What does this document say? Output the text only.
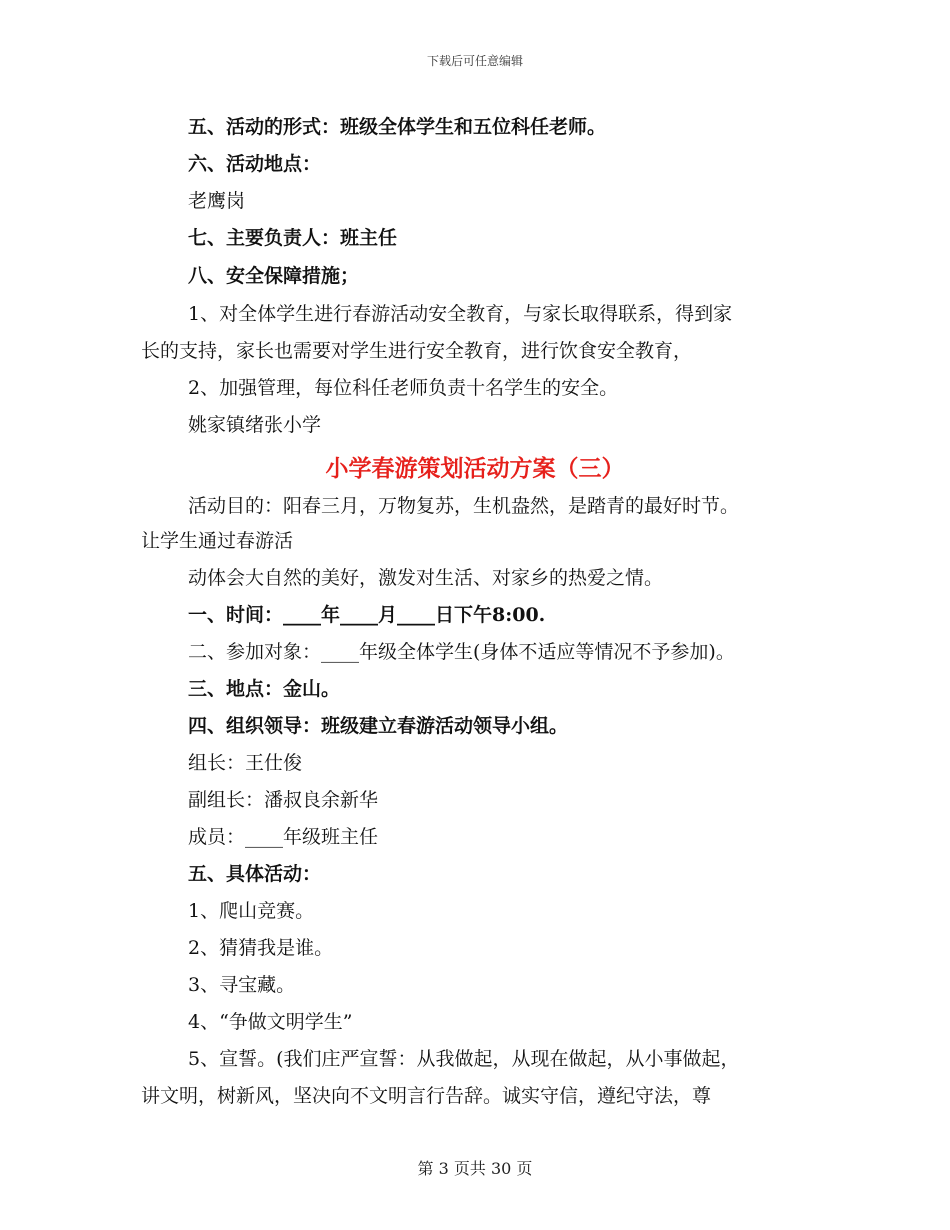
下载后可任意编辑
五、活动的形式：班级全体学生和五位科任老师。
六、活动地点：
老鹰岗
七、主要负责人：班主任
八、安全保障措施；
1、对全体学生进行春游活动安全教育，与家长取得联系，得到家
长的支持，家长也需要对学生进行安全教育，进行饮食安全教育，
2、加强管理，每位科任老师负责十名学生的安全。
姚家镇绪张小学
小学春游策划活动方案（三）
活动目的：阳春三月，万物复苏，生机盎然，是踏青的最好时节。
让学生通过春游活
动体会大自然的美好，激发对生活、对家乡的热爱之情。
一、时间：____年____月____日下午8:00.
二、参加对象：____年级全体学生(身体不适应等情况不予参加)。
三、地点：金山。
四、组织领导：班级建立春游活动领导小组。
组长：王仕俊
副组长：潘叔良余新华
成员：____年级班主任
五、具体活动：
1、爬山竞赛。
2、猜猜我是谁。
3、寻宝藏。
4、“争做文明学生”
5、宣誓。(我们庄严宣誓：从我做起，从现在做起，从小事做起，
讲文明，树新风，坚决向不文明言行告辞。诚实守信，遵纪守法，尊
第 3 页共 30 页
